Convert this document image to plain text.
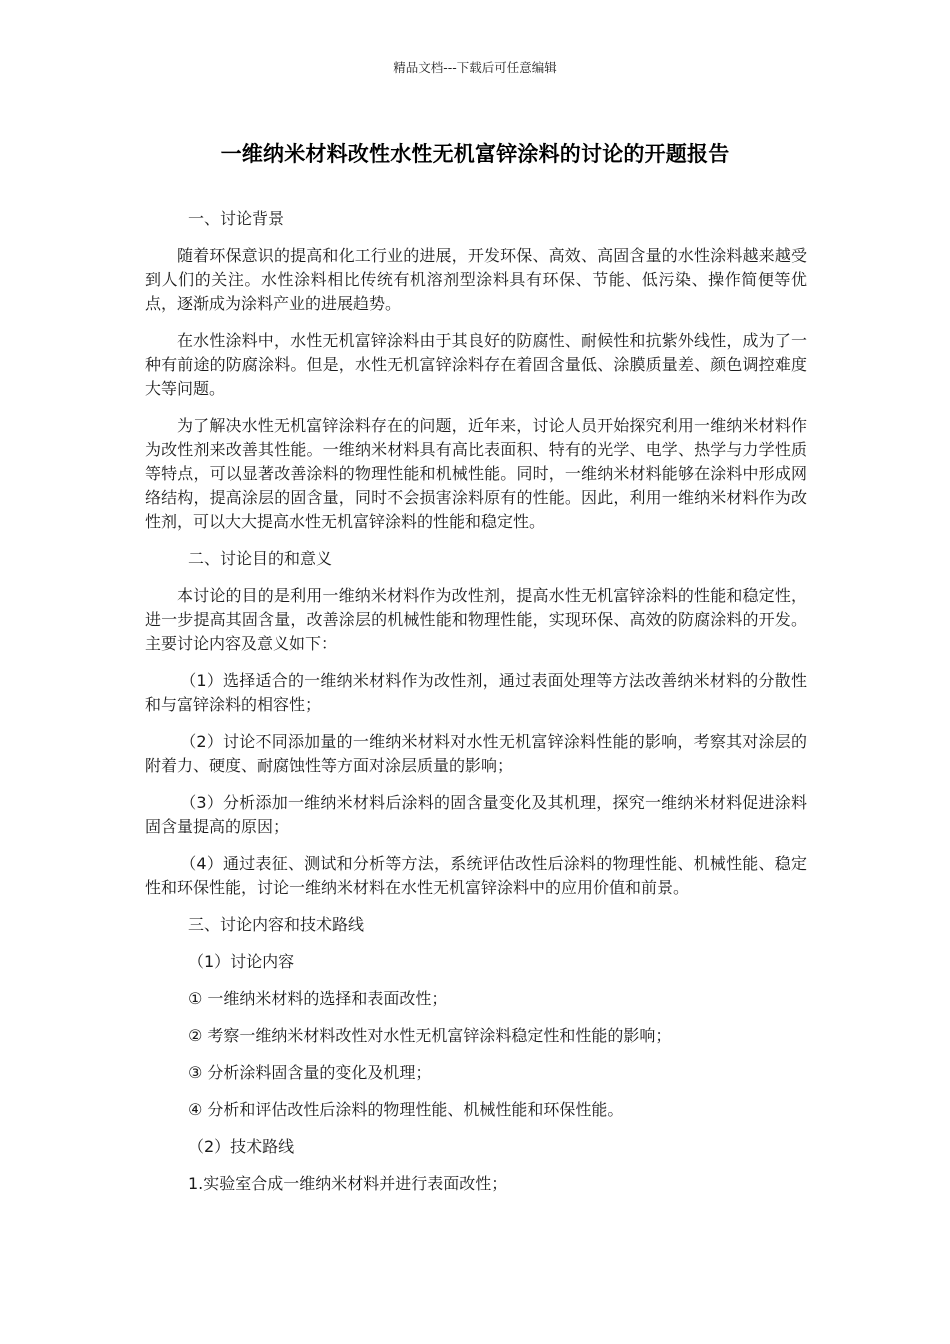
精品文档---下载后可任意编辑
一维纳米材料改性水性无机富锌涂料的讨论的开题报告

一、讨论背景

随着环保意识的提高和化工行业的进展，开发环保、高效、高固含量的水性涂料越来越受到人们的关注。水性涂料相比传统有机溶剂型涂料具有环保、节能、低污染、操作简便等优点，逐渐成为涂料产业的进展趋势。

在水性涂料中，水性无机富锌涂料由于其良好的防腐性、耐候性和抗紫外线性，成为了一种有前途的防腐涂料。但是，水性无机富锌涂料存在着固含量低、涂膜质量差、颜色调控难度大等问题。

为了解决水性无机富锌涂料存在的问题，近年来，讨论人员开始探究利用一维纳米材料作为改性剂来改善其性能。一维纳米材料具有高比表面积、特有的光学、电学、热学与力学性质等特点，可以显著改善涂料的物理性能和机械性能。同时，一维纳米材料能够在涂料中形成网络结构，提高涂层的固含量，同时不会损害涂料原有的性能。因此，利用一维纳米材料作为改性剂，可以大大提高水性无机富锌涂料的性能和稳定性。

二、讨论目的和意义

本讨论的目的是利用一维纳米材料作为改性剂，提高水性无机富锌涂料的性能和稳定性，进一步提高其固含量，改善涂层的机械性能和物理性能，实现环保、高效的防腐涂料的开发。主要讨论内容及意义如下：

（1）选择适合的一维纳米材料作为改性剂，通过表面处理等方法改善纳米材料的分散性和与富锌涂料的相容性；

（2）讨论不同添加量的一维纳米材料对水性无机富锌涂料性能的影响，考察其对涂层的附着力、硬度、耐腐蚀性等方面对涂层质量的影响；

（3）分析添加一维纳米材料后涂料的固含量变化及其机理，探究一维纳米材料促进涂料固含量提高的原因；

（4）通过表征、测试和分析等方法，系统评估改性后涂料的物理性能、机械性能、稳定性和环保性能，讨论一维纳米材料在水性无机富锌涂料中的应用价值和前景。

三、讨论内容和技术路线

（1）讨论内容

① 一维纳米材料的选择和表面改性；

② 考察一维纳米材料改性对水性无机富锌涂料稳定性和性能的影响；

③ 分析涂料固含量的变化及机理；

④ 分析和评估改性后涂料的物理性能、机械性能和环保性能。

（2）技术路线

1.实验室合成一维纳米材料并进行表面改性；
